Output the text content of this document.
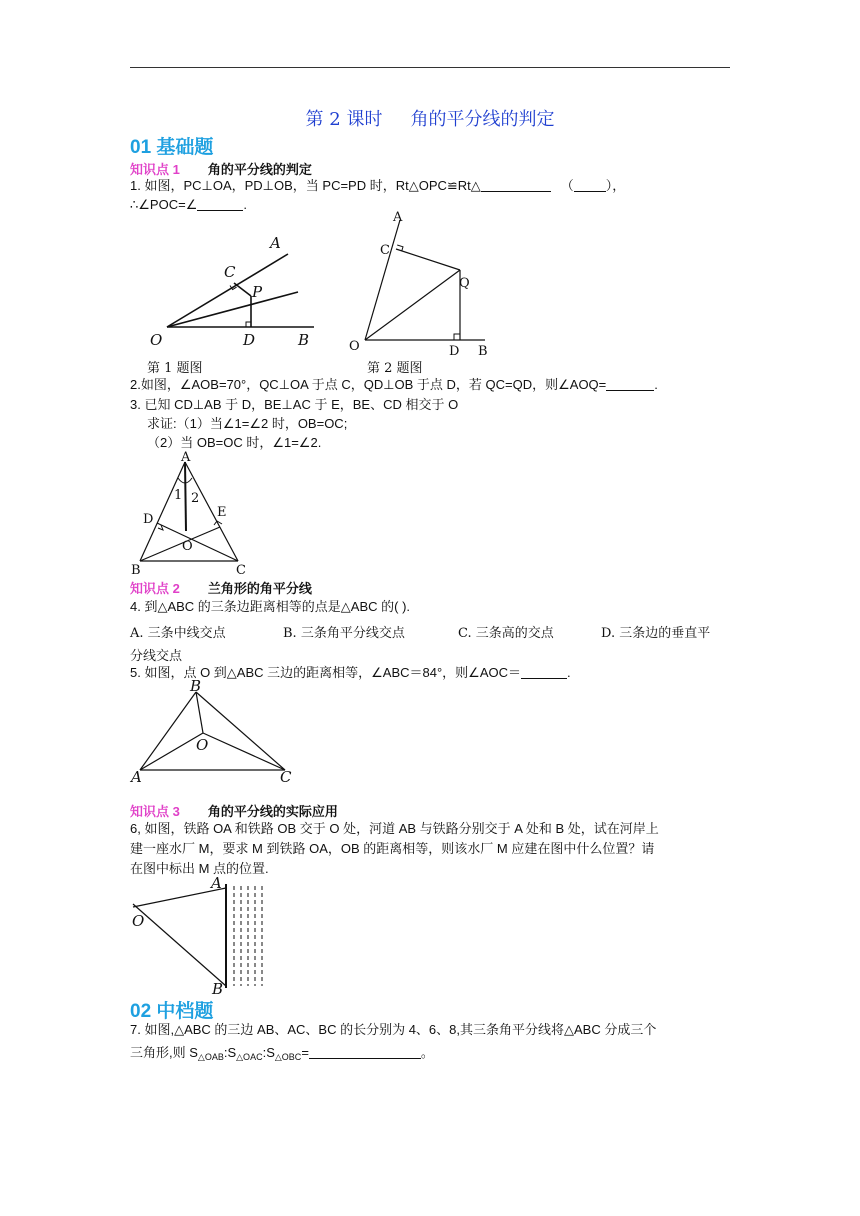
第 2 课时 角的平分线的判定
01 基础题
知识点 1 角的平分线的判定
1. 如图，PC⊥OA，PD⊥OB，当 PC=PD 时，Rt△OPC≌Rt△	（ ），
∴∠POC=∠	.
A
C
P
O	D	B
第 1 题图
A
C
Q
O	D B
第 2 题图
2.如图，∠AOB=70°，QC⊥OA 于点 C，QD⊥OB 于点 D，若 QC=QD，则∠AOQ=	.
3. 已知 CD⊥AB 于 D，BE⊥AC 于 E，BE、CD 相交于 O
求证:（1）当∠1=∠2 时，OB=OC;
（2）当 OB=OC 时，∠1=∠2.
A
1 2
D	E
O
B	C
知识点 2 兰角形的角平分线
4. 到△ABC 的三条边距离相等的点是△ABC 的( ).
A. 三条中线交点	B. 三条角平分线交点	C. 三条高的交点	D. 三条边的垂直平
分线交点
5. 如图，点 O 到△ABC 三边的距离相等，∠ABC＝84°，则∠AOC＝	.
B
O
A	C
知识点 3 角的平分线的实际应用
6, 如图，铁路 OA 和铁路 OB 交于 O 处，河道 AB 与铁路分别交于 A 处和 B 处，试在河岸上
建一座水厂 M，要求 M 到铁路 OA，OB 的距离相等，则该水厂 M 应建在图中什么位置？请
在图中标出 M 点的位置.
A
O
B
02 中档题
7. 如图,△ABC 的三边 AB、AC、BC 的长分别为 4、6、8,其三条角平分线将△ABC 分成三个
三角形,则 $S_{\triangle OAB}:S_{\triangle OAC}:S_{\triangle OBC}=$	。
